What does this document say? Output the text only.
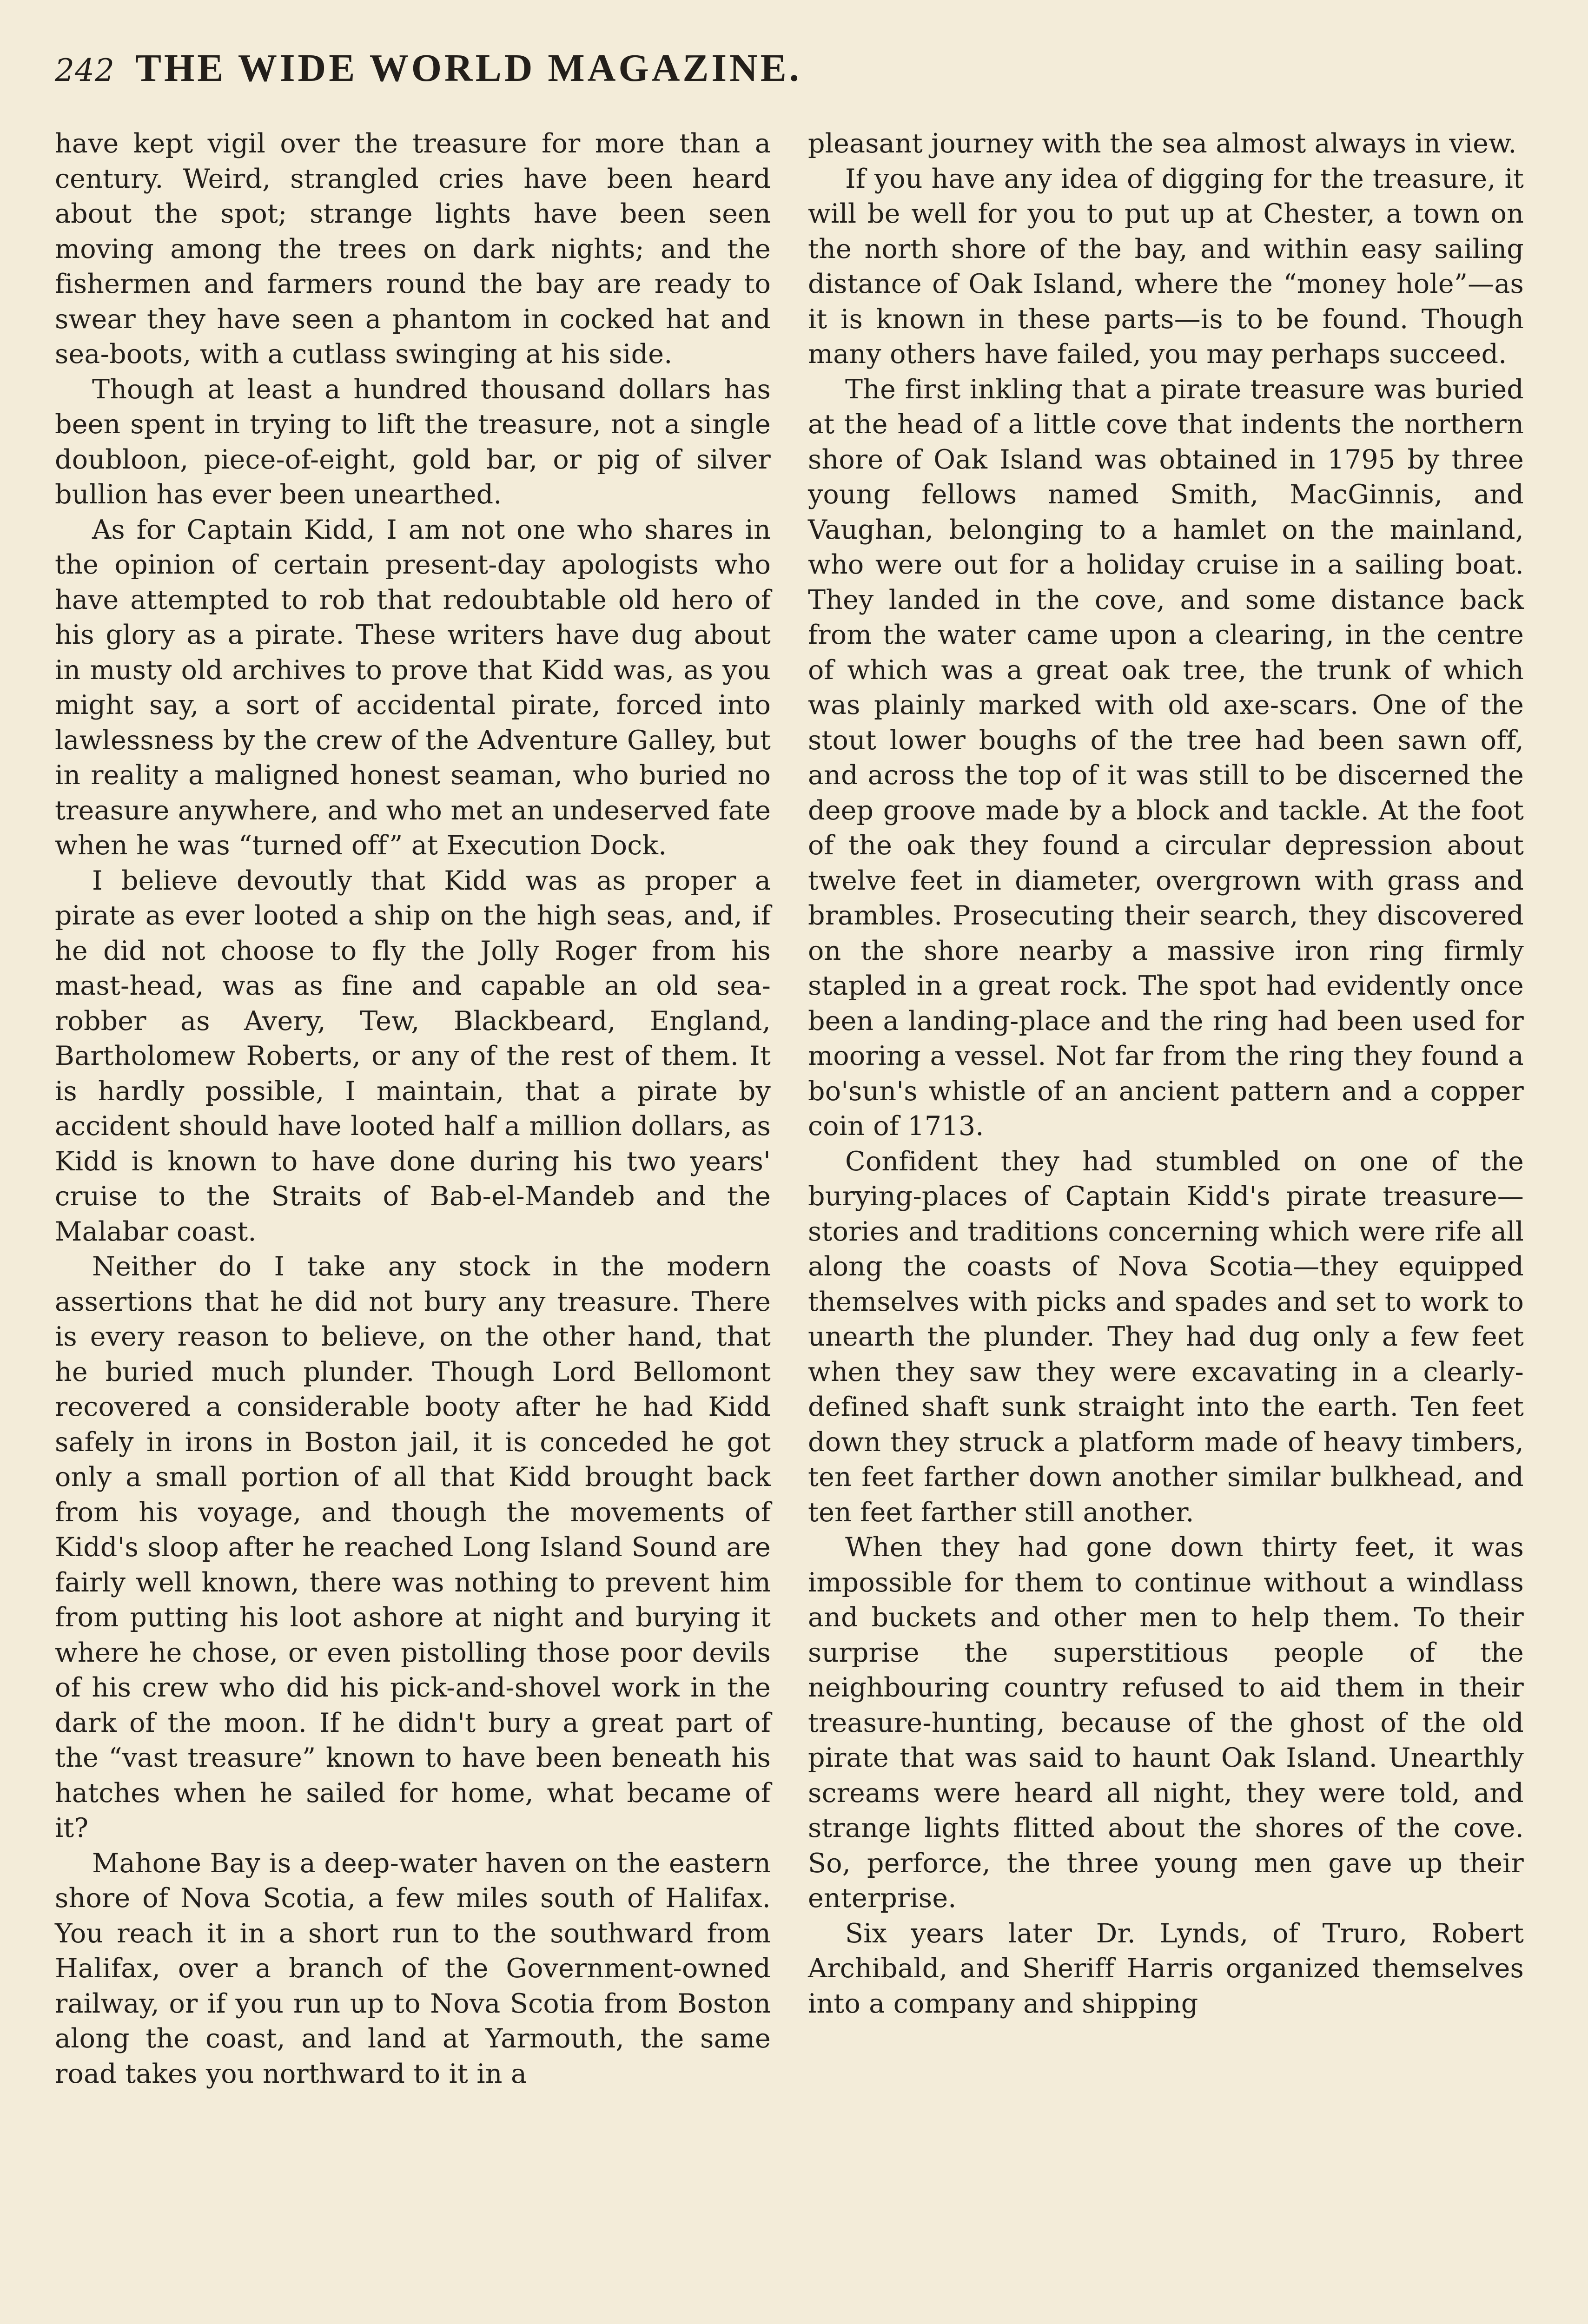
242 THE WIDE WORLD MAGAZINE.

have kept vigil over the treasure for more than a century. Weird, strangled cries have been heard about the spot; strange lights have been seen moving among the trees on dark nights; and the fishermen and farmers round the bay are ready to swear they have seen a phantom in cocked hat and sea-boots, with a cutlass swinging at his side.

Though at least a hundred thousand dollars has been spent in trying to lift the treasure, not a single doubloon, piece-of-eight, gold bar, or pig of silver bullion has ever been unearthed.

As for Captain Kidd, I am not one who shares in the opinion of certain present-day apologists who have attempted to rob that redoubtable old hero of his glory as a pirate. These writers have dug about in musty old archives to prove that Kidd was, as you might say, a sort of accidental pirate, forced into lawlessness by the crew of the Adventure Galley, but in reality a maligned honest seaman, who buried no treasure anywhere, and who met an undeserved fate when he was “turned off” at Execution Dock.

I believe devoutly that Kidd was as proper a pirate as ever looted a ship on the high seas, and, if he did not choose to fly the Jolly Roger from his mast-head, was as fine and capable an old sea-robber as Avery, Tew, Blackbeard, England, Bartholomew Roberts, or any of the rest of them. It is hardly possible, I maintain, that a pirate by accident should have looted half a million dollars, as Kidd is known to have done during his two years' cruise to the Straits of Bab-el-Mandeb and the Malabar coast.

Neither do I take any stock in the modern assertions that he did not bury any treasure. There is every reason to believe, on the other hand, that he buried much plunder. Though Lord Bellomont recovered a considerable booty after he had Kidd safely in irons in Boston jail, it is conceded he got only a small portion of all that Kidd brought back from his voyage, and though the movements of Kidd's sloop after he reached Long Island Sound are fairly well known, there was nothing to prevent him from putting his loot ashore at night and burying it where he chose, or even pistolling those poor devils of his crew who did his pick-and-shovel work in the dark of the moon. If he didn't bury a great part of the “vast treasure” known to have been beneath his hatches when he sailed for home, what became of it?

Mahone Bay is a deep-water haven on the eastern shore of Nova Scotia, a few miles south of Halifax. You reach it in a short run to the southward from Halifax, over a branch of the Government-owned railway, or if you run up to Nova Scotia from Boston along the coast, and land at Yarmouth, the same road takes you northward to it in a

pleasant journey with the sea almost always in view.

If you have any idea of digging for the treasure, it will be well for you to put up at Chester, a town on the north shore of the bay, and within easy sailing distance of Oak Island, where the “money hole”—as it is known in these parts—is to be found. Though many others have failed, you may perhaps succeed.

The first inkling that a pirate treasure was buried at the head of a little cove that indents the northern shore of Oak Island was obtained in 1795 by three young fellows named Smith, MacGinnis, and Vaughan, belonging to a hamlet on the mainland, who were out for a holiday cruise in a sailing boat. They landed in the cove, and some distance back from the water came upon a clearing, in the centre of which was a great oak tree, the trunk of which was plainly marked with old axe-scars. One of the stout lower boughs of the tree had been sawn off, and across the top of it was still to be discerned the deep groove made by a block and tackle. At the foot of the oak they found a circular depression about twelve feet in diameter, overgrown with grass and brambles. Prosecuting their search, they discovered on the shore nearby a massive iron ring firmly stapled in a great rock. The spot had evidently once been a landing-place and the ring had been used for mooring a vessel. Not far from the ring they found a bo'sun's whistle of an ancient pattern and a copper coin of 1713.

Confident they had stumbled on one of the burying-places of Captain Kidd's pirate treasure—stories and traditions concerning which were rife all along the coasts of Nova Scotia—they equipped themselves with picks and spades and set to work to unearth the plunder. They had dug only a few feet when they saw they were excavating in a clearly-defined shaft sunk straight into the earth. Ten feet down they struck a platform made of heavy timbers, ten feet farther down another similar bulkhead, and ten feet farther still another.

When they had gone down thirty feet, it was impossible for them to continue without a windlass and buckets and other men to help them. To their surprise the superstitious people of the neighbouring country refused to aid them in their treasure-hunting, because of the ghost of the old pirate that was said to haunt Oak Island. Unearthly screams were heard all night, they were told, and strange lights flitted about the shores of the cove. So, perforce, the three young men gave up their enterprise.

Six years later Dr. Lynds, of Truro, Robert Archibald, and Sheriff Harris organized themselves into a company and shipping
